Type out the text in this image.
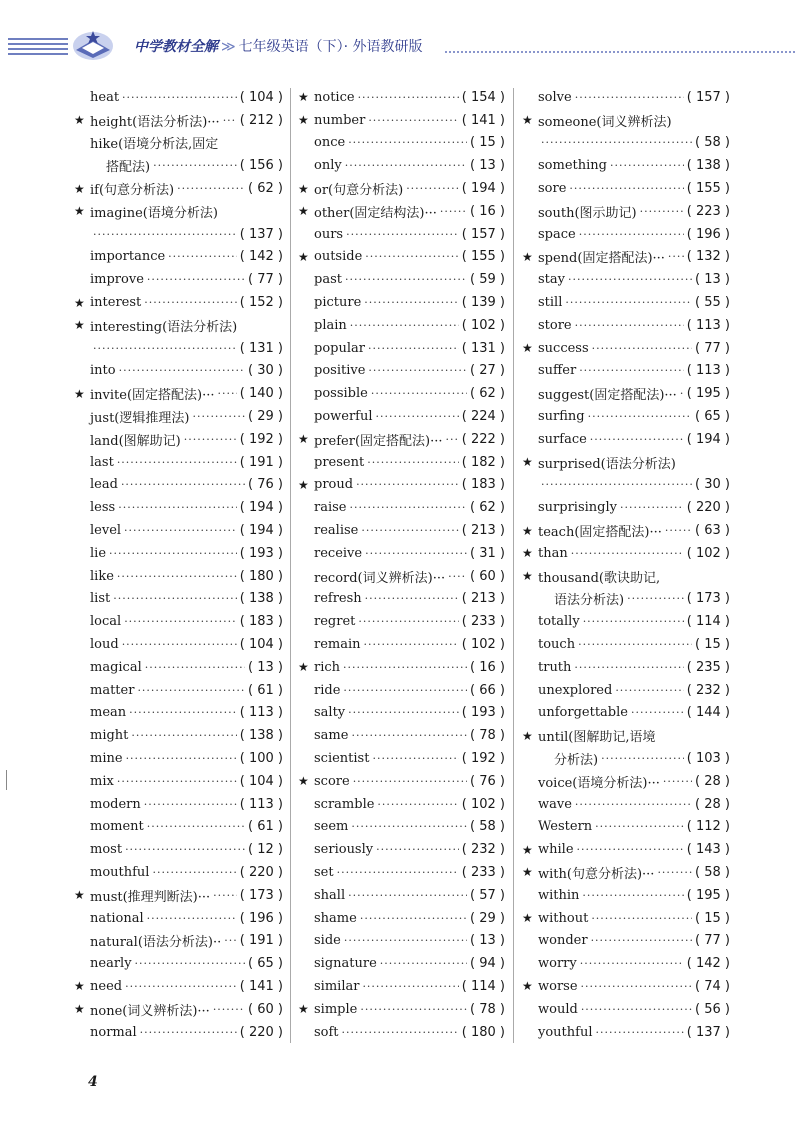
中学教材全解 ≫ 七年级英语（下）· 外语教研版
heat ·····	( 104 )
★ height(语法分析法)··· ····· ( 212 )
hike(语境分析法,固定
搭配法) ·····	( 156 )
★ if(句意分析法) ·····	( 62 )
★ imagine(语境分析法)
·····
( 137 )
importance ·····	( 142 )
improve ·····	( 77 )
★ interest ·····	( 152 )
★ interesting(语法分析法)
·····
( 131 )
into ·····	( 30 )
★ invite(固定搭配法)··· ····· ( 140 )
just(逻辑推理法) ·····	( 29 )
land(图解助记) ·····	( 192 )
last ·····	( 191 )
lead ·····	( 76 )
less ·····	( 194 )
level ·····	( 194 )
lie ·····	( 193 )
like ·····	( 180 )
list ·····	( 138 )
local ·····	( 183 )
loud ·····	( 104 )
magical ·····	( 13 )
matter ·····	( 61 )
mean ·····	( 113 )
might ·····	( 138 )
mine ·····	( 100 )
mix ·····	( 104 )
modern ·····	( 113 )
moment ·····	( 61 )
most ·····	( 12 )
mouthful ·····	( 220 )
★ must(推理判断法)··· ····· ( 173 )
national ·····	( 196 )
natural(语法分析法)·· ····· ( 191 )
nearly ·····	( 65 )
★ need ·····	( 141 )
★ none(词义辨析法)··· ·····	( 60 )
normal ·····	( 220 )
★ notice ·····	( 154 )
★ number ·····	( 141 )
once ·····	( 15 )
only ·····	( 13 )
★ or(句意分析法) ·····	( 194 )
★ other(固定结构法)··· ·····	( 16 )
ours ·····	( 157 )
★ outside ·····	( 155 )
past ·····	( 59 )
picture ·····	( 139 )
plain ·····	( 102 )
popular ·····	( 131 )
positive ·····	( 27 )
possible ·····	( 62 )
powerful ·····	( 224 )
★ prefer(固定搭配法)··· ····· ( 222 )
present ·····	( 182 )
★ proud ·····	( 183 )
raise ·····	( 62 )
realise ·····	( 213 )
receive ·····	( 31 )
record(词义辨析法)··· ····· ( 60 )
refresh ·····	( 213 )
regret ·····	( 233 )
remain ·····	( 102 )
★ rich ·····	( 16 )
ride ·····	( 66 )
salty ·····	( 193 )
same ·····	( 78 )
scientist ·····	( 192 )
★ score ·····	( 76 )
scramble ·····	( 102 )
seem ·····	( 58 )
seriously ·····	( 232 )
set ·····	( 233 )
shall ·····	( 57 )
shame ·····	( 29 )
side ·····	( 13 )
signature ·····	( 94 )
similar ·····	( 114 )
★ simple ·····	( 78 )
soft ·····	( 180 )
solve ·····	( 157 )
★ someone(词义辨析法)
·····
( 58 )
something ·····	( 138 )
sore ·····	( 155 )
south(图示助记) ·····	( 223 )
space ·····	( 196 )
★ spend(固定搭配法)··· ····· ( 132 )
stay ·····	( 13 )
still ·····	( 55 )
store ·····	( 113 )
★ success ·····	( 77 )
suffer ·····	( 113 )
suggest(固定搭配法)··· ····· ( 195 )
surfing ·····	( 65 )
surface ·····	( 194 )
★ surprised(语法分析法)
·····
( 30 )
surprisingly ·····	( 220 )
★ teach(固定搭配法)··· ·····	( 63 )
★ than ·····	( 102 )
★ thousand(歌诀助记,
语法分析法) ·····	( 173 )
totally ·····	( 114 )
touch ·····	( 15 )
truth ·····	( 235 )
unexplored ·····	( 232 )
unforgettable ·····	( 144 )
★ until(图解助记,语境
分析法) ·····	( 103 )
voice(语境分析法)··· ·····	( 28 )
wave ·····	( 28 )
Western ·····	( 112 )
★ while ·····	( 143 )
★ with(句意分析法)··· ·····	( 58 )
within ·····	( 195 )
★ without ·····	( 15 )
wonder ·····	( 77 )
worry ·····	( 142 )
★ worse ·····	( 74 )
would ·····	( 56 )
youthful ·····	( 137 )
4
